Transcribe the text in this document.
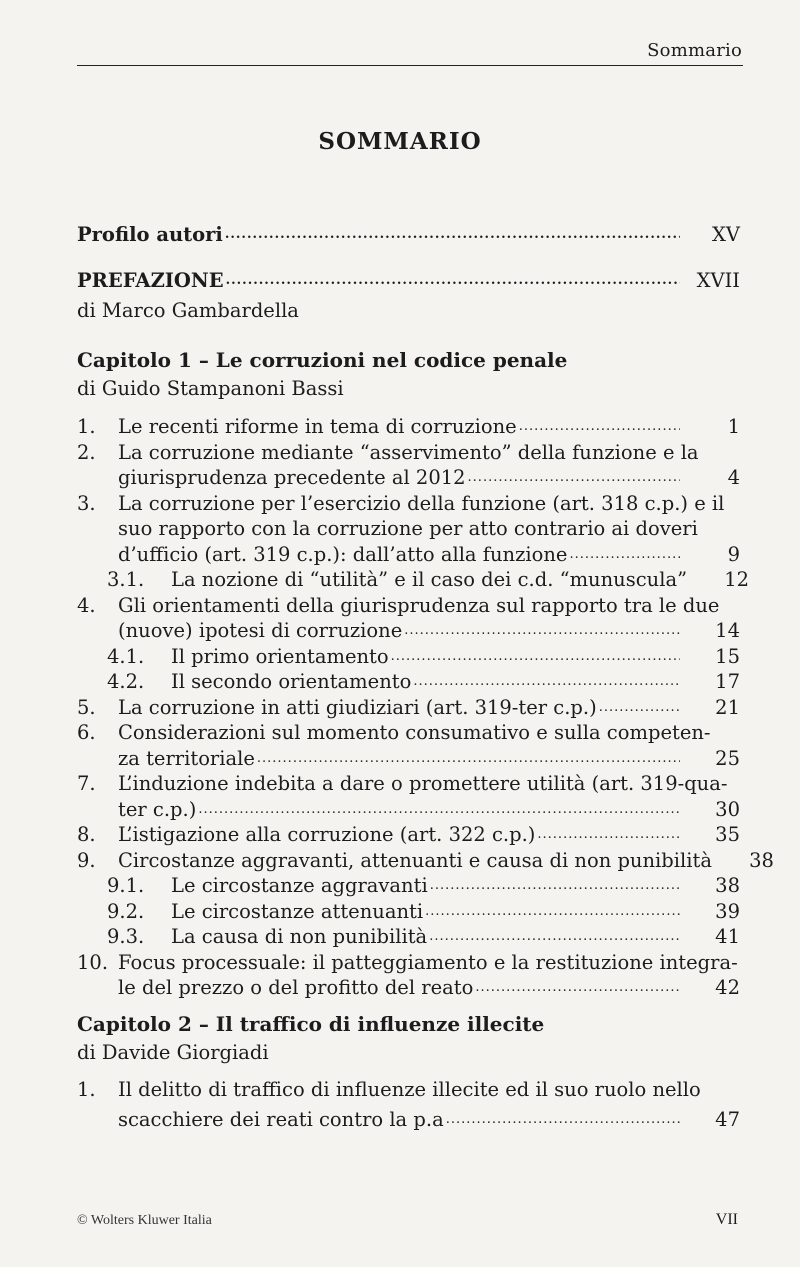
Sommario
SOMMARIO
Profilo autori .....	XV
PREFAZIONE .....	XVII
di Marco Gambardella
Capitolo 1 – Le corruzioni nel codice penale
di Guido Stampanoni Bassi
1.	Le recenti riforme in tema di corruzione .....	1
2.	La corruzione mediante “asservimento” della funzione e la
giurisprudenza precedente al 2012 .....	4
3.	La corruzione per l’esercizio della funzione (art. 318 c.p.) e il
suo rapporto con la corruzione per atto contrario ai doveri
d’ufficio (art. 319 c.p.): dall’atto alla funzione .....	9
3.1.	La nozione di “utilità” e il caso dei c.d. “munuscula”	12
4.	Gli orientamenti della giurisprudenza sul rapporto tra le due
(nuove) ipotesi di corruzione .....	14
4.1.	Il primo orientamento .....	15
4.2.	Il secondo orientamento .....	17
5.	La corruzione in atti giudiziari (art. 319-ter c.p.) .....	21
6.	Considerazioni sul momento consumativo e sulla competen-
za territoriale .....	25
7.	L’induzione indebita a dare o promettere utilità (art. 319-qua-
ter c.p.) .....	30
8.	L’istigazione alla corruzione (art. 322 c.p.) .....	35
9.	Circostanze aggravanti, attenuanti e causa di non punibilità	38
9.1.	Le circostanze aggravanti .....	38
9.2.	Le circostanze attenuanti .....	39
9.3.	La causa di non punibilità .....	41
10. Focus processuale: il patteggiamento e la restituzione integra-
le del prezzo o del profitto del reato .....	42
Capitolo 2 – Il traffico di influenze illecite
di Davide Giorgiadi
1.	Il delitto di traffico di influenze illecite ed il suo ruolo nello
scacchiere dei reati contro la p.a .....	47
© Wolters Kluwer Italia	VII
